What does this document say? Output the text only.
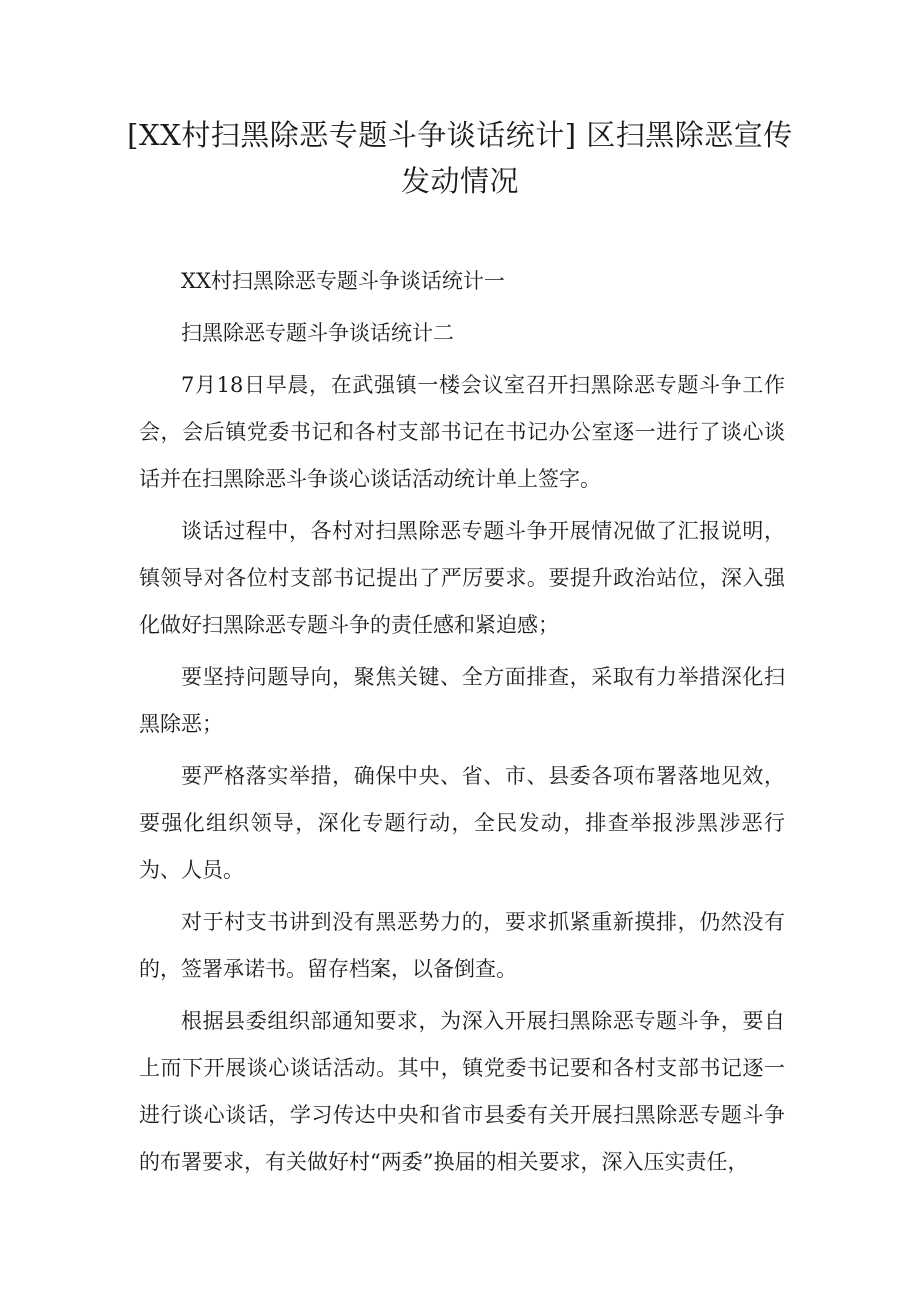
[XX村扫黑除恶专题斗争谈话统计] 区扫黑除恶宣传
发动情况

XX村扫黑除恶专题斗争谈话统计一

扫黑除恶专题斗争谈话统计二

7月18日早晨，在武强镇一楼会议室召开扫黑除恶专题斗争工作会，会后镇党委书记和各村支部书记在书记办公室逐一进行了谈心谈话并在扫黑除恶斗争谈心谈话活动统计单上签字。

谈话过程中，各村对扫黑除恶专题斗争开展情况做了汇报说明，镇领导对各位村支部书记提出了严厉要求。要提升政治站位，深入强化做好扫黑除恶专题斗争的责任感和紧迫感；

要坚持问题导向，聚焦关键、全方面排查，采取有力举措深化扫黑除恶；

要严格落实举措，确保中央、省、市、县委各项布署落地见效，要强化组织领导，深化专题行动，全民发动，排查举报涉黑涉恶行为、人员。

对于村支书讲到没有黑恶势力的，要求抓紧重新摸排，仍然没有的，签署承诺书。留存档案，以备倒查。

根据县委组织部通知要求，为深入开展扫黑除恶专题斗争，要自上而下开展谈心谈话活动。其中，镇党委书记要和各村支部书记逐一进行谈心谈话，学习传达中央和省市县委有关开展扫黑除恶专题斗争的布署要求，有关做好村“两委”换届的相关要求，深入压实责任，
